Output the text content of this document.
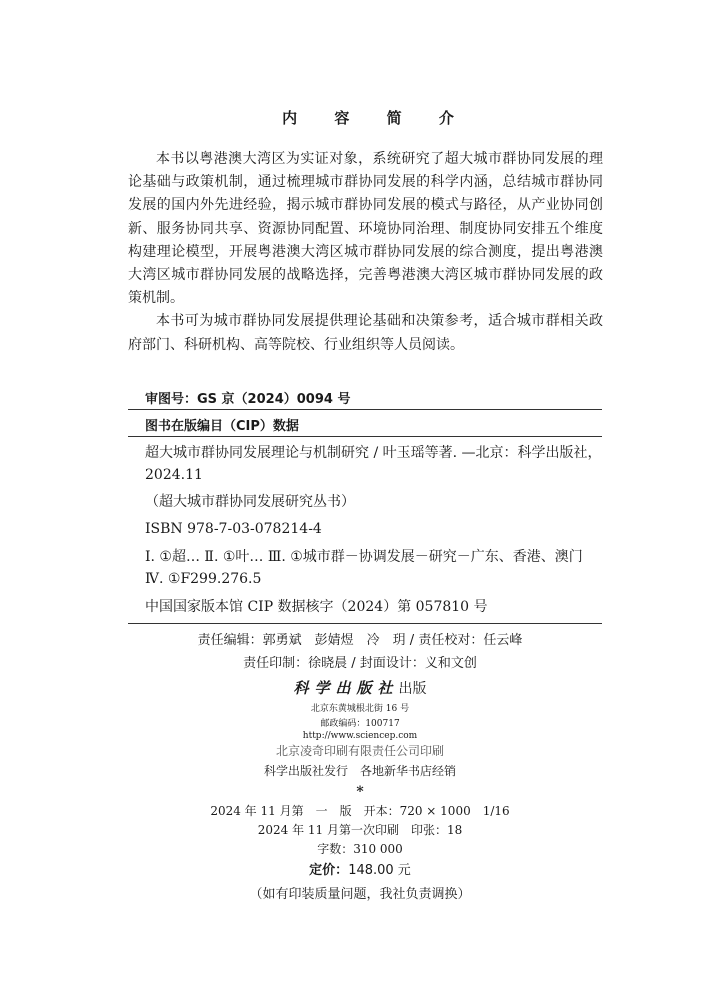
内 容 简 介

本书以粤港澳大湾区为实证对象，系统研究了超大城市群协同发展的理论基础与政策机制，通过梳理城市群协同发展的科学内涵，总结城市群协同发展的国内外先进经验，揭示城市群协同发展的模式与路径，从产业协同创新、服务协同共享、资源协同配置、环境协同治理、制度协同安排五个维度构建理论模型，开展粤港澳大湾区城市群协同发展的综合测度，提出粤港澳大湾区城市群协同发展的战略选择，完善粤港澳大湾区城市群协同发展的政策机制。

本书可为城市群协同发展提供理论基础和决策参考，适合城市群相关政府部门、科研机构、高等院校、行业组织等人员阅读。

审图号：GS 京（2024）0094 号
图书在版编目（CIP）数据
超大城市群协同发展理论与机制研究 / 叶玉瑶等著. —北京：科学出版社，2024.11
（超大城市群协同发展研究丛书）
ISBN 978-7-03-078214-4
Ⅰ. ①超… Ⅱ. ①叶… Ⅲ. ①城市群－协调发展－研究－广东、香港、澳门 Ⅳ. ①F299.276.5
中国国家版本馆 CIP 数据核字（2024）第 057810 号
责任编辑：郭勇斌　彭婧煜　冷　玥 / 责任校对：任云峰
责任印制：徐晓晨 / 封面设计：义和文创
科学出版社出版
北京东黄城根北街 16 号
邮政编码：100717
http://www.sciencep.com
北京凌奇印刷有限责任公司印刷
科学出版社发行　各地新华书店经销
*
2024 年 11 月第　一　版　开本：720 × 1000　1/16
2024 年 11 月第一次印刷　印张：18
字数：310 000
定价：148.00 元
（如有印装质量问题，我社负责调换）
